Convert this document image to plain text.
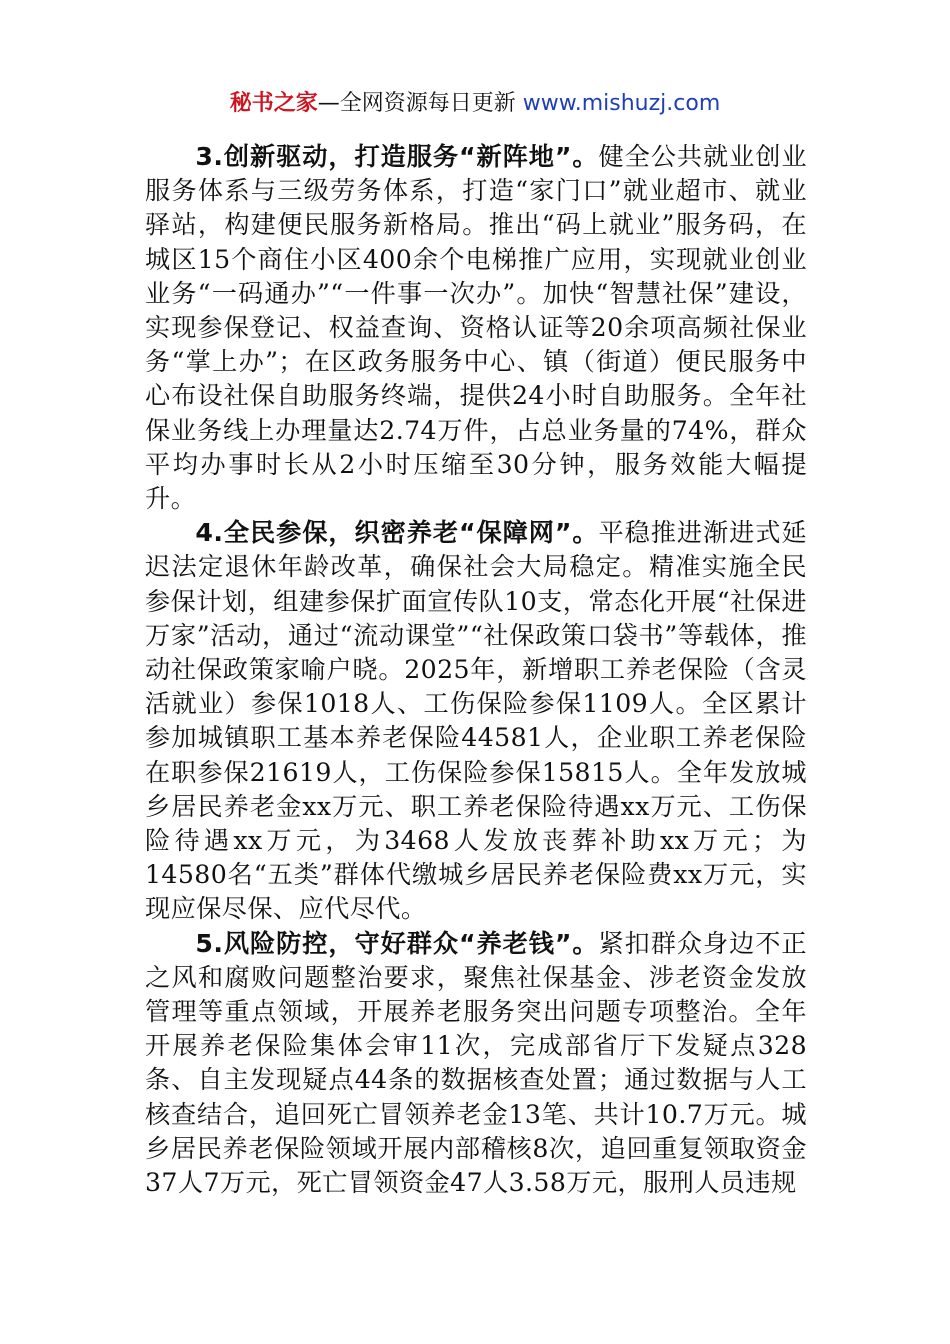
秘书之家—全网资源每日更新 www.mishuzj.com

3.创新驱动，打造服务“新阵地”。健全公共就业创业服务体系与三级劳务体系，打造“家门口”就业超市、就业驿站，构建便民服务新格局。推出“码上就业”服务码，在城区15个商住小区400余个电梯推广应用，实现就业创业业务“一码通办”“一件事一次办”。加快“智慧社保”建设，实现参保登记、权益查询、资格认证等20余项高频社保业务“掌上办”；在区政务服务中心、镇（街道）便民服务中心布设社保自助服务终端，提供24小时自助服务。全年社保业务线上办理量达2.74万件，占总业务量的74%，群众平均办事时长从2小时压缩至30分钟，服务效能大幅提升。

4.全民参保，织密养老“保障网”。平稳推进渐进式延迟法定退休年龄改革，确保社会大局稳定。精准实施全民参保计划，组建参保扩面宣传队10支，常态化开展“社保进万家”活动，通过“流动课堂”“社保政策口袋书”等载体，推动社保政策家喻户晓。2025年，新增职工养老保险（含灵活就业）参保1018人、工伤保险参保1109人。全区累计参加城镇职工基本养老保险44581人，企业职工养老保险在职参保21619人，工伤保险参保15815人。全年发放城乡居民养老金xx万元、职工养老保险待遇xx万元、工伤保险待遇xx万元，为3468人发放丧葬补助xx万元；为14580名“五类”群体代缴城乡居民养老保险费xx万元，实现应保尽保、应代尽代。

5.风险防控，守好群众“养老钱”。紧扣群众身边不正之风和腐败问题整治要求，聚焦社保基金、涉老资金发放管理等重点领域，开展养老服务突出问题专项整治。全年开展养老保险集体会审11次，完成部省厅下发疑点328条、自主发现疑点44条的数据核查处置；通过数据与人工核查结合，追回死亡冒领养老金13笔、共计10.7万元。城乡居民养老保险领域开展内部稽核8次，追回重复领取资金37人7万元，死亡冒领资金47人3.58万元，服刑人员违规
